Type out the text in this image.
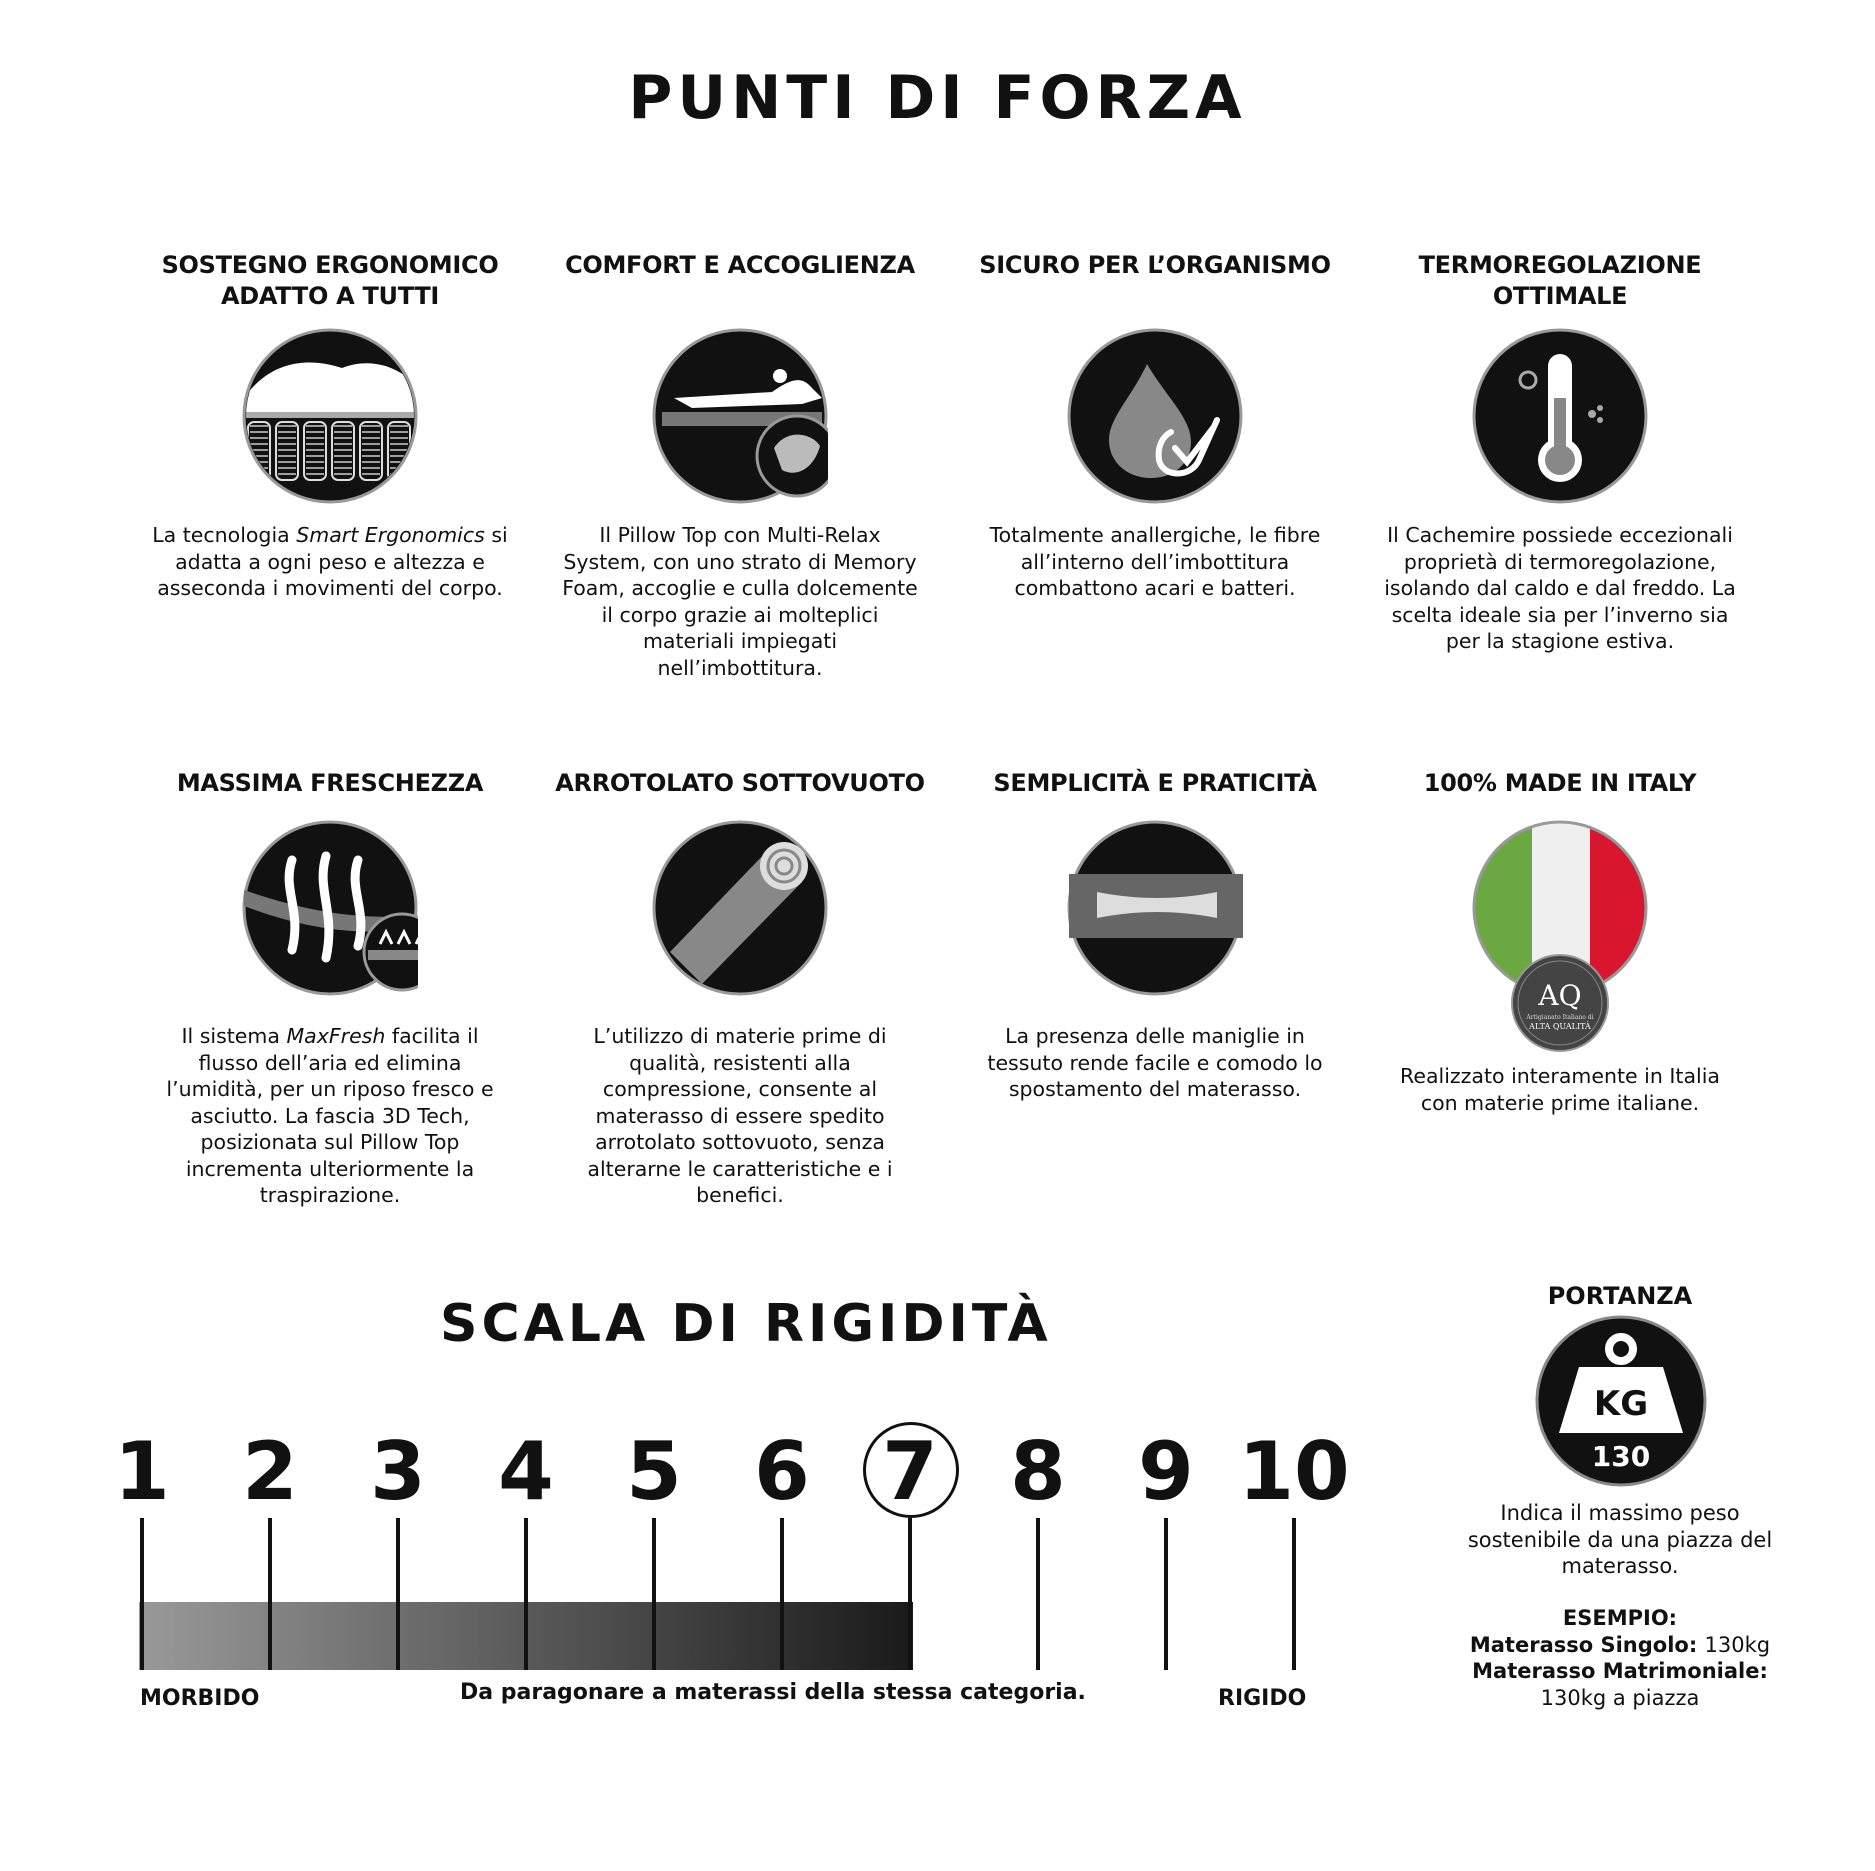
PUNTI DI FORZA
SOSTEGNO ERGONOMICO ADATTO A TUTTI
La tecnologia Smart Ergonomics si adatta a ogni peso e altezza e asseconda i movimenti del corpo.
COMFORT E ACCOGLIENZA
Il Pillow Top con Multi-Relax System, con uno strato di Memory Foam, accoglie e culla dolcemente il corpo grazie ai molteplici materiali impiegati nell’imbottitura.
SICURO PER L’ORGANISMO
Totalmente anallergiche, le fibre all’interno dell’imbottitura combattono acari e batteri.
TERMOREGOLAZIONE OTTIMALE
Il Cachemire possiede eccezionali proprietà di termoregolazione, isolando dal caldo e dal freddo. La scelta ideale sia per l’inverno sia per la stagione estiva.
MASSIMA FRESCHEZZA
Il sistema MaxFresh facilita il flusso dell’aria ed elimina l’umidità, per un riposo fresco e asciutto. La fascia 3D Tech, posizionata sul Pillow Top incrementa ulteriormente la traspirazione.
ARROTOLATO SOTTOVUOTO
L’utilizzo di materie prime di qualità, resistenti alla compressione, consente al materasso di essere spedito arrotolato sottovuoto, senza alterarne le caratteristiche e i benefici.
SEMPLICITÀ E PRATICITÀ
La presenza delle maniglie in tessuto rende facile e comodo lo spostamento del materasso.
100% MADE IN ITALY
AQ
Artigianato Italiano di
ALTA QUALITÀ
Realizzato interamente in Italia con materie prime italiane.
SCALA DI RIGIDITÀ
1 2 3 4 5 6 7 8 9 10
MORBIDO	Da paragonare a materassi della stessa categoria.	RIGIDO
PORTANZA
KG
130
Indica il massimo peso sostenibile da una piazza del materasso.
ESEMPIO:
Materasso Singolo: 130kg
Materasso Matrimoniale:
130kg a piazza
